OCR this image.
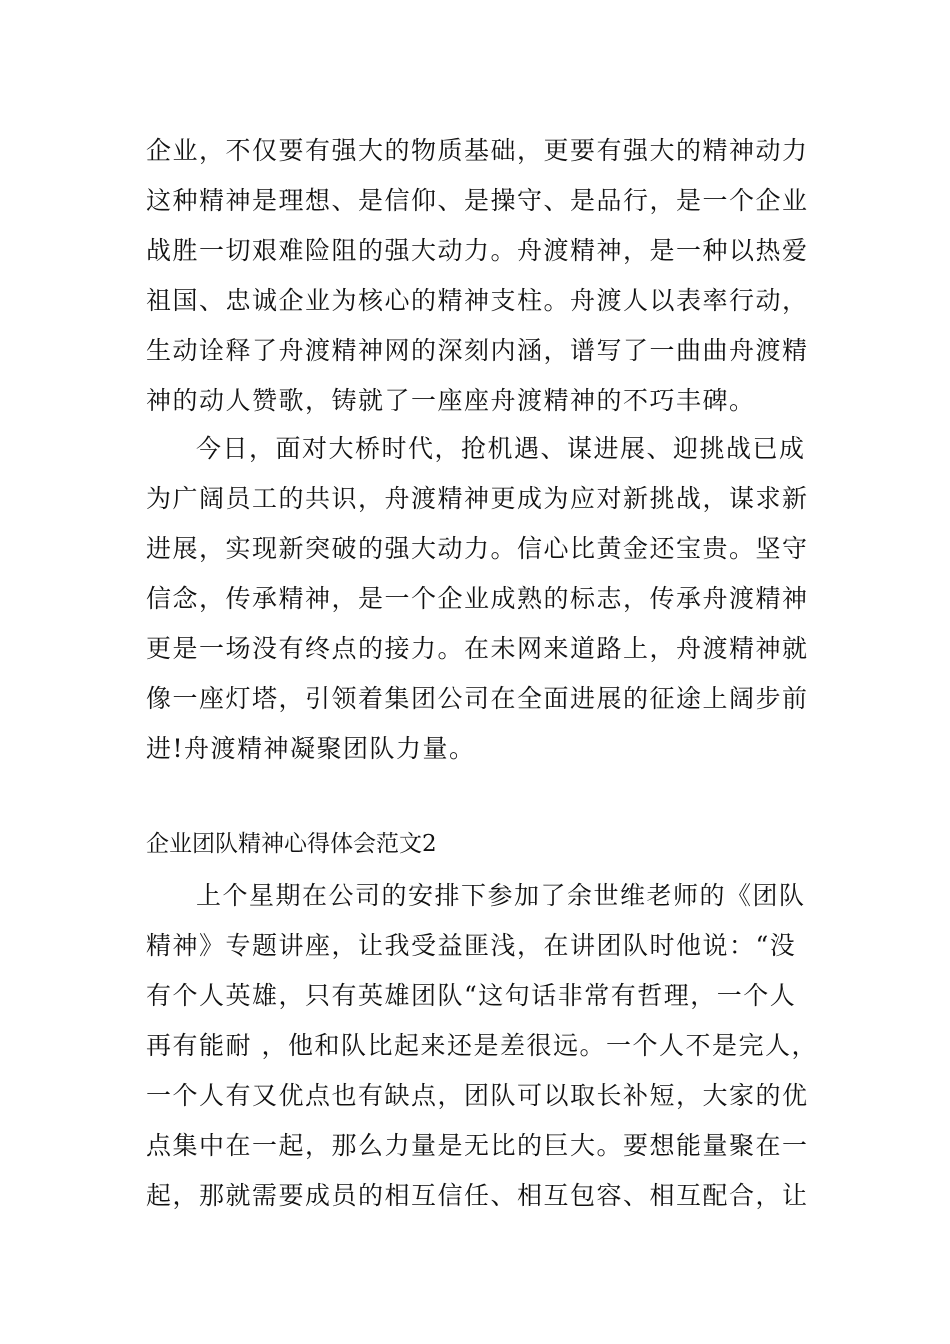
企业，不仅要有强大的物质基础，更要有强大的精神动力
这种精神是理想、是信仰、是操守、是品行，是一个企业
战胜一切艰难险阻的强大动力。舟渡精神，是一种以热爱
祖国、忠诚企业为核心的精神支柱。舟渡人以表率行动，
生动诠释了舟渡精神网的深刻内涵，谱写了一曲曲舟渡精
神的动人赞歌，铸就了一座座舟渡精神的不巧丰碑。
今日，面对大桥时代，抢机遇、谋进展、迎挑战已成
为广阔员工的共识，舟渡精神更成为应对新挑战，谋求新
进展，实现新突破的强大动力。信心比黄金还宝贵。坚守
信念，传承精神，是一个企业成熟的标志，传承舟渡精神
更是一场没有终点的接力。在未网来道路上，舟渡精神就
像一座灯塔，引领着集团公司在全面进展的征途上阔步前
进!舟渡精神凝聚团队力量。
企业团队精神心得体会范文2
上个星期在公司的安排下参加了余世维老师的《团队
精神》专题讲座，让我受益匪浅，在讲团队时他说：“没
有个人英雄，只有英雄团队“这句话非常有哲理，一个人
再有能耐 ，他和队比起来还是差很远。一个人不是完人，
一个人有又优点也有缺点，团队可以取长补短，大家的优
点集中在一起，那么力量是无比的巨大。要想能量聚在一
起，那就需要成员的相互信任、相互包容、相互配合，让
